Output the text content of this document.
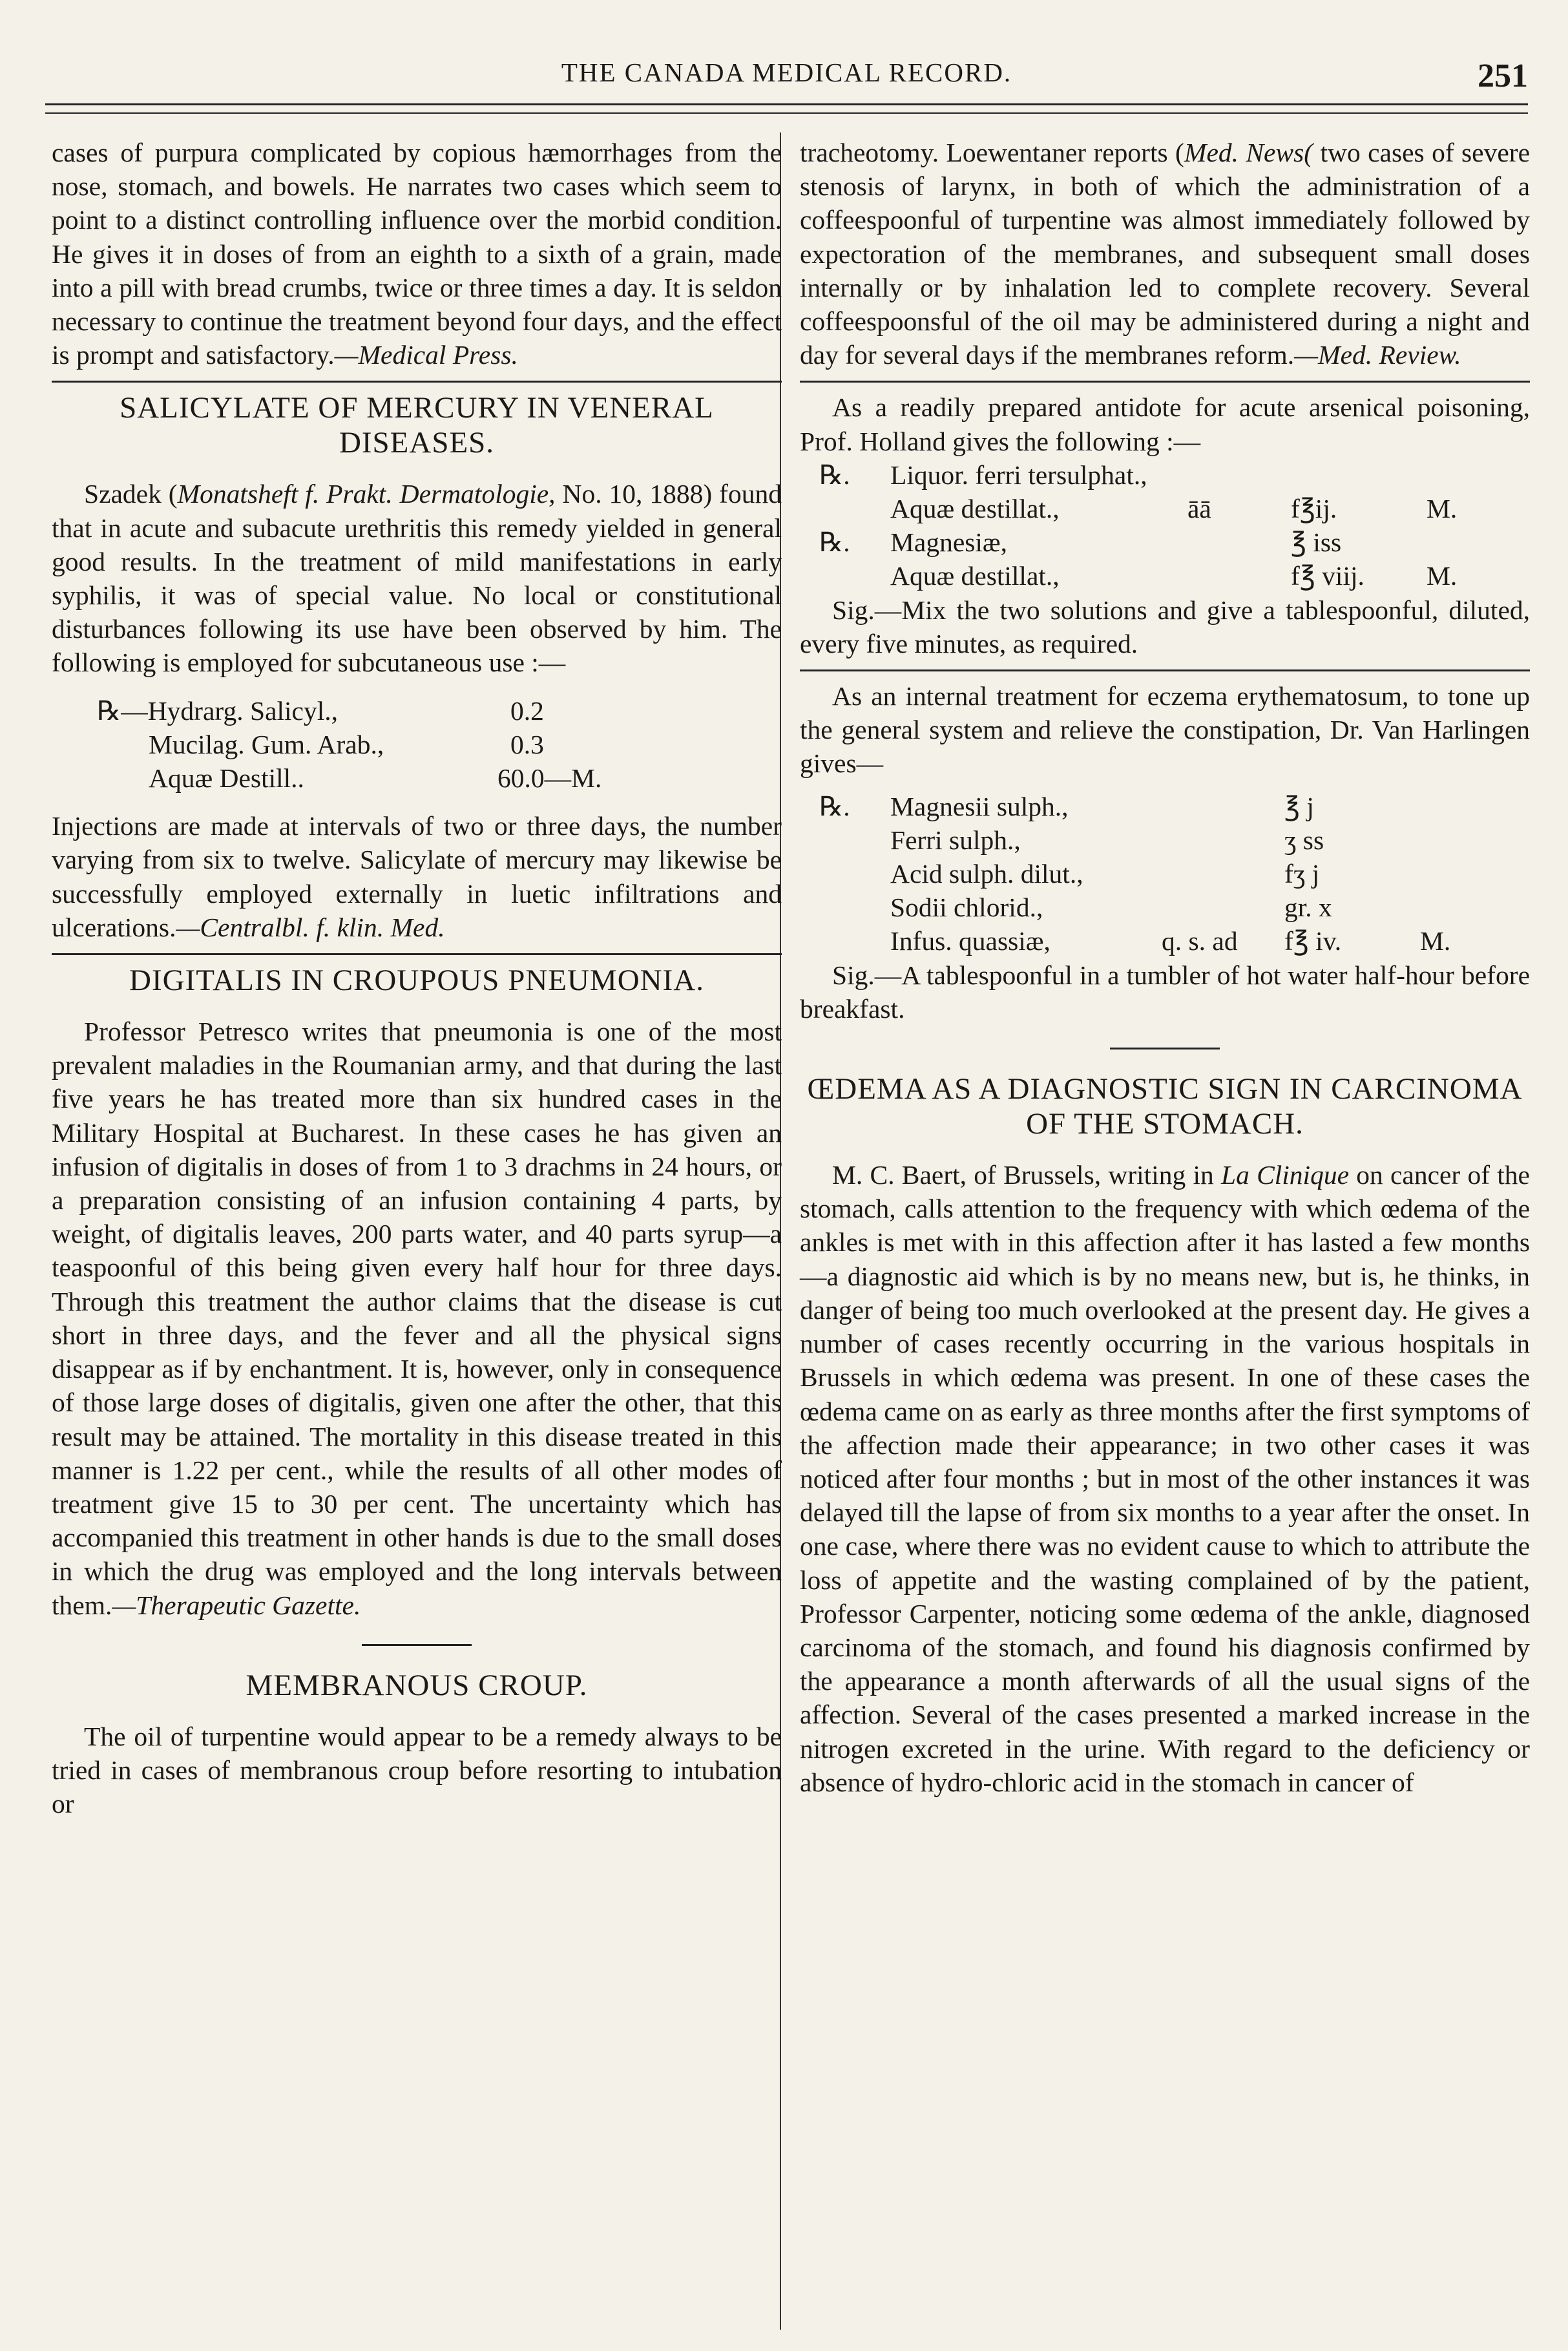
THE CANADA MEDICAL RECORD.	251

cases of purpura complicated by copious hæmorrhages from the nose, stomach, and bowels. He narrates two cases which seem to point to a distinct controlling influence over the morbid condition. He gives it in doses of from an eighth to a sixth of a grain, made into a pill with bread crumbs, twice or three times a day. It is seldon necessary to continue the treatment beyond four days, and the effect is prompt and satisfactory.—Medical Press.

SALICYLATE OF MERCURY IN VENERAL DISEASES.

Szadek (Monatsheft f. Prakt. Dermatologie, No. 10, 1888) found that in acute and subacute urethritis this remedy yielded in general good results. In the treatment of mild manifestations in early syphilis, it was of special value. No local or constitutional disturbances following its use have been observed by him. The following is employed for subcutaneous use :—

℞—Hydrarg. Salicyl.,	0.2
Mucilag. Gum. Arab.,	0.3
Aquæ Destill..	60.0—M.

Injections are made at intervals of two or three days, the number varying from six to twelve. Salicylate of mercury may likewise be successfully employed externally in luetic infiltrations and ulcerations.—Centralbl. f. klin. Med.

DIGITALIS IN CROUPOUS PNEUMONIA.

Professor Petresco writes that pneumonia is one of the most prevalent maladies in the Roumanian army, and that during the last five years he has treated more than six hundred cases in the Military Hospital at Bucharest. In these cases he has given an infusion of digitalis in doses of from 1 to 3 drachms in 24 hours, or a preparation consisting of an infusion containing 4 parts, by weight, of digitalis leaves, 200 parts water, and 40 parts syrup—a teaspoonful of this being given every half hour for three days. Through this treatment the author claims that the disease is cut short in three days, and the fever and all the physical signs disappear as if by enchantment. It is, however, only in consequence of those large doses of digitalis, given one after the other, that this result may be attained. The mortality in this disease treated in this manner is 1.22 per cent., while the results of all other modes of treatment give 15 to 30 per cent. The uncertainty which has accompanied this treatment in other hands is due to the small doses in which the drug was employed and the long intervals between them.—Therapeutic Gazette.

MEMBRANOUS CROUP.

The oil of turpentine would appear to be a remedy always to be tried in cases of membranous croup before resorting to intubation or

tracheotomy. Loewentaner reports (Med. News( two cases of severe stenosis of larynx, in both of which the administration of a coffeespoonful of turpentine was almost immediately followed by expectoration of the membranes, and subsequent small doses internally or by inhalation led to complete recovery. Several coffeespoonsful of the oil may be administered during a night and day for several days if the membranes reform.—Med. Review.

As a readily prepared antidote for acute arsenical poisoning, Prof. Holland gives the following :—

℞.	Liquor. ferri tersulphat.,
Aquæ destillat.,	āā	f℥ij.	M.
℞.	Magnesiæ,	℥ iss
Aquæ destillat.,	f℥ viij.	M.

Sig.—Mix the two solutions and give a tablespoonful, diluted, every five minutes, as required.

As an internal treatment for eczema erythematosum, to tone up the general system and relieve the constipation, Dr. Van Harlingen gives—

℞.	Magnesii sulph.,	℥ j
Ferri sulph.,	ʒ ss
Acid sulph. dilut.,	fʒ j
Sodii chlorid.,	gr. x
Infus. quassiæ,	q. s. ad	f℥ iv.	M.

Sig.—A tablespoonful in a tumbler of hot water half-hour before breakfast.

ŒDEMA AS A DIAGNOSTIC SIGN IN CARCINOMA OF THE STOMACH.

M. C. Baert, of Brussels, writing in La Clinique on cancer of the stomach, calls attention to the frequency with which œdema of the ankles is met with in this affection after it has lasted a few months—a diagnostic aid which is by no means new, but is, he thinks, in danger of being too much overlooked at the present day. He gives a number of cases recently occurring in the various hospitals in Brussels in which œdema was present. In one of these cases the œdema came on as early as three months after the first symptoms of the affection made their appearance; in two other cases it was noticed after four months ; but in most of the other instances it was delayed till the lapse of from six months to a year after the onset. In one case, where there was no evident cause to which to attribute the loss of appetite and the wasting complained of by the patient, Professor Carpenter, noticing some œdema of the ankle, diagnosed carcinoma of the stomach, and found his diagnosis confirmed by the appearance a month afterwards of all the usual signs of the affection. Several of the cases presented a marked increase in the nitrogen excreted in the urine. With regard to the deficiency or absence of hydro-chloric acid in the stomach in cancer of
